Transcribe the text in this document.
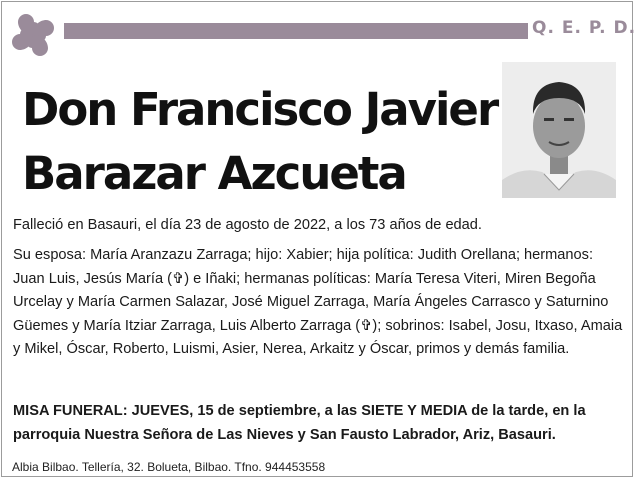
Q. E. P. D.
Don Francisco Javier
Barazar Azcueta
Falleció en Basauri, el día 23 de agosto de 2022, a los 73 años de edad.
Su esposa: María Aranzazu Zarraga; hijo: Xabier; hija política: Judith Orellana; hermanos: Juan Luis, Jesús María (✞) e Iñaki; hermanas políticas: María Teresa Viteri, Miren Begoña Urcelay y María Carmen Salazar, José Miguel Zarraga, María Ángeles Carrasco y Saturnino Güemes y María Itziar Zarraga, Luis Alberto Zarraga (✞); sobrinos: Isabel, Josu, Itxaso, Amaia y Mikel, Óscar, Roberto, Luismi, Asier, Nerea, Arkaitz y Óscar, primos y demás familia.
MISA FUNERAL: JUEVES, 15 de septiembre, a las SIETE Y MEDIA de la tarde, en la parroquia Nuestra Señora de Las Nieves y San Fausto Labrador, Ariz, Basauri.
Albia Bilbao. Tellería, 32. Bolueta, Bilbao. Tfno. 944453558
